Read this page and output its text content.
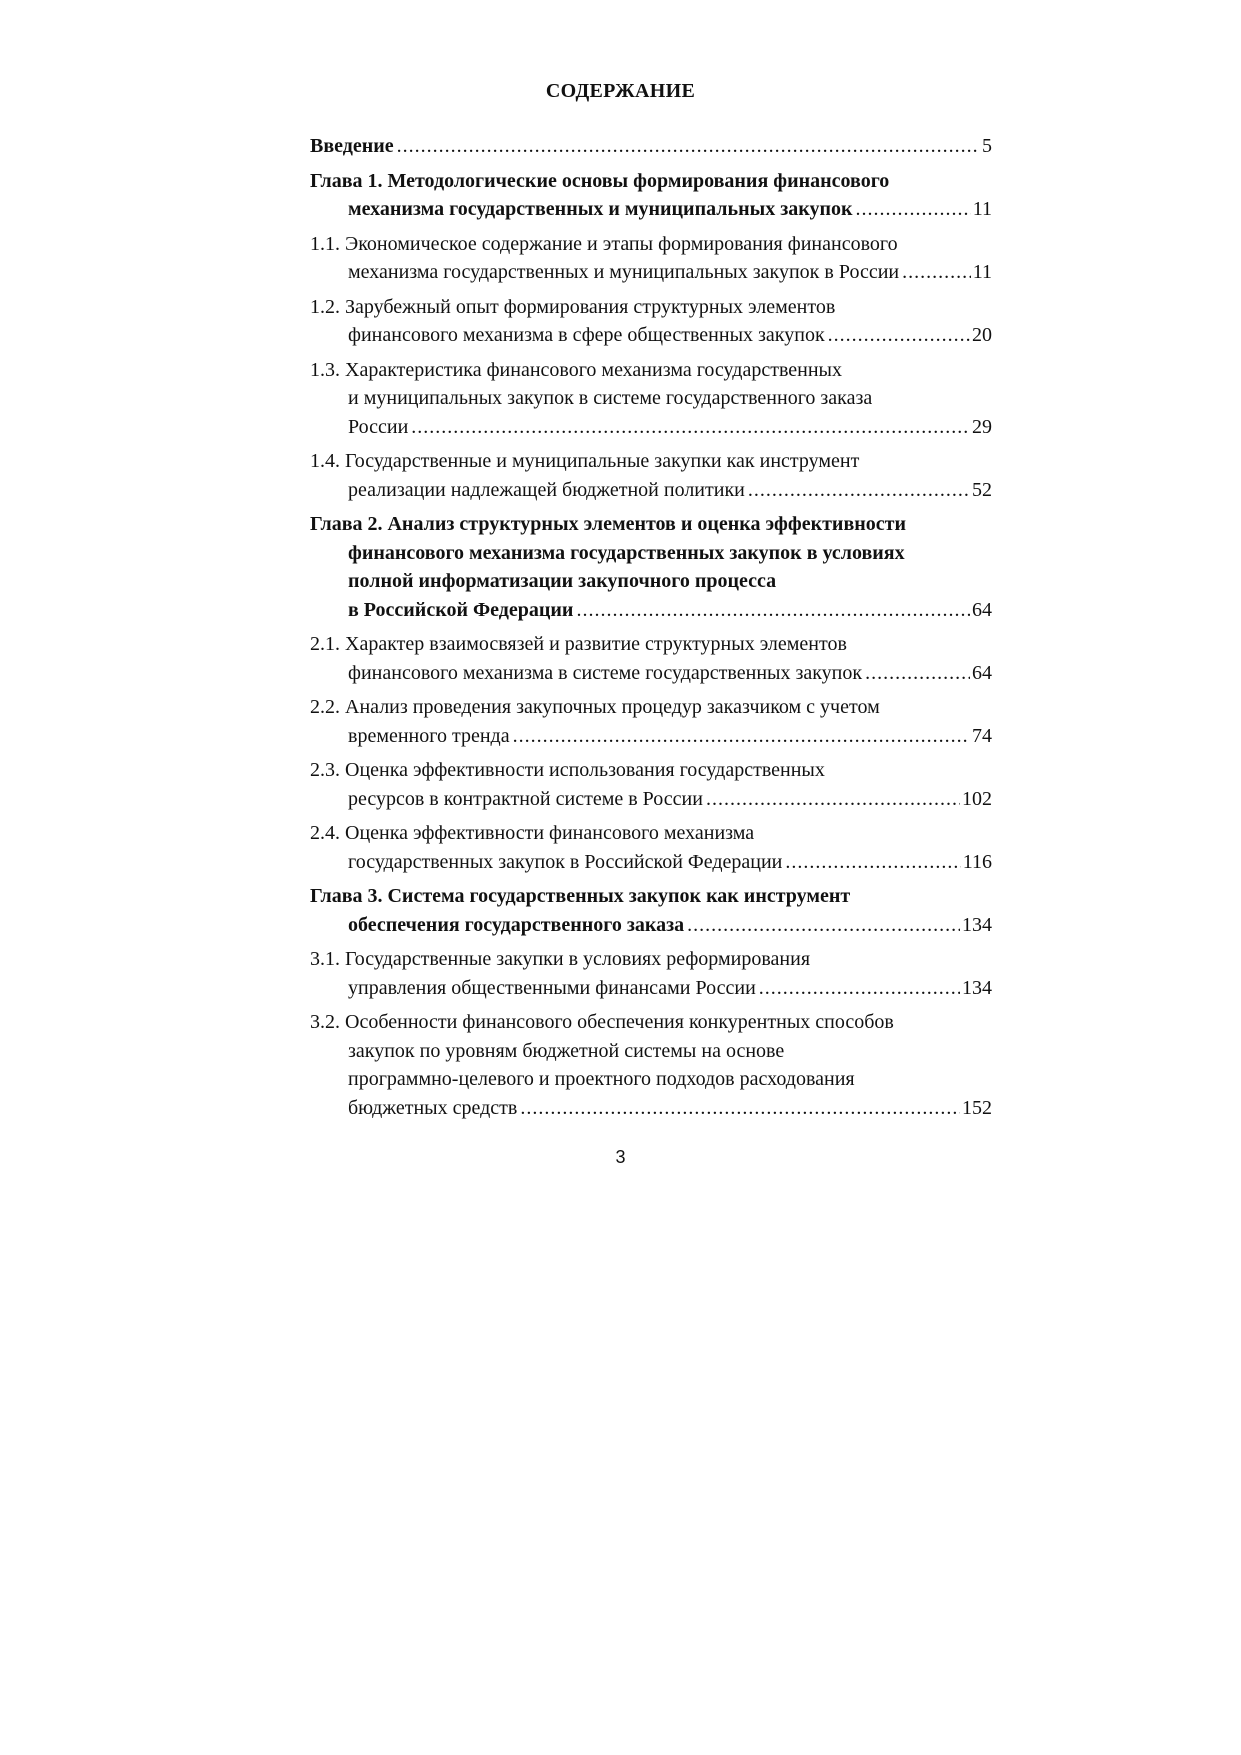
СОДЕРЖАНИЕ
Введение .....	5
Глава 1. Методологические основы формирования финансового
механизма государственных и муниципальных закупок .....	11
1.1. Экономическое содержание и этапы формирования финансового
механизма государственных и муниципальных закупок в России .....	11
1.2. Зарубежный опыт формирования структурных элементов
финансового механизма в сфере общественных закупок .....	20
1.3. Характеристика финансового механизма государственных
и муниципальных закупок в системе государственного заказа
России .....	29
1.4. Государственные и муниципальные закупки как инструмент
реализации надлежащей бюджетной политики .....	52
Глава 2. Анализ структурных элементов и оценка эффективности
финансового механизма государственных закупок в условиях
полной информатизации закупочного процесса
в Российской Федерации .....	64
2.1. Характер взаимосвязей и развитие структурных элементов
финансового механизма в системе государственных закупок .....	64
2.2. Анализ проведения закупочных процедур заказчиком с учетом
временного тренда .....	74
2.3. Оценка эффективности использования государственных
ресурсов в контрактной системе в России .....	102
2.4. Оценка эффективности финансового механизма
государственных закупок в Российской Федерации .....	116
Глава 3. Система государственных закупок как инструмент
обеспечения государственного заказа .....	134
3.1. Государственные закупки в условиях реформирования
управления общественными финансами России .....	134
3.2. Особенности финансового обеспечения конкурентных способов
закупок по уровням бюджетной системы на основе
программно-целевого и проектного подходов расходования
бюджетных средств .....	152
3
